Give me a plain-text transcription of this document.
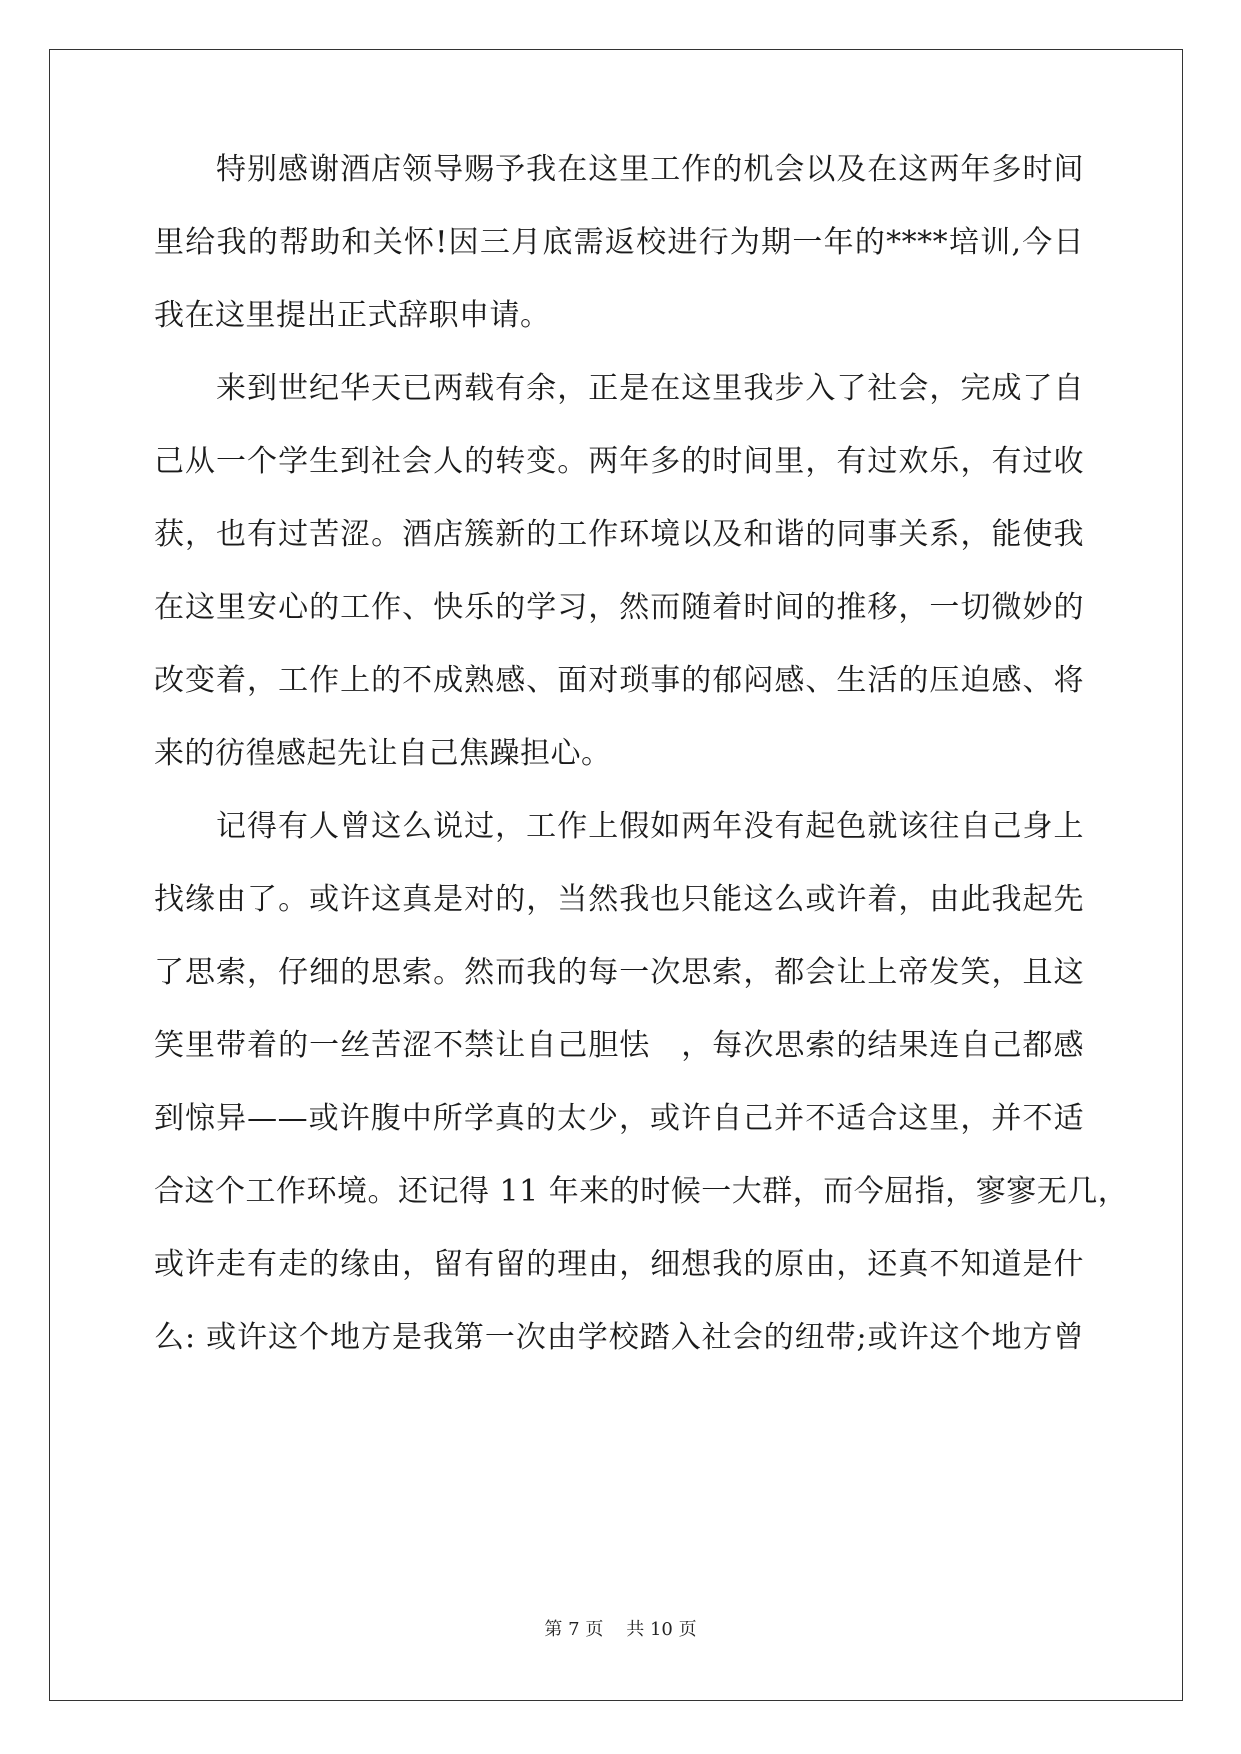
特别感谢酒店领导赐予我在这里工作的机会以及在这两年多时间
里给我的帮助和关怀!因三月底需返校进行为期一年的****培训,今日
我在这里提出正式辞职申请。
来到世纪华天已两载有余，正是在这里我步入了社会，完成了自
己从一个学生到社会人的转变。两年多的时间里，有过欢乐，有过收
获，也有过苦涩。酒店簇新的工作环境以及和谐的同事关系，能使我
在这里安心的工作、快乐的学习，然而随着时间的推移，一切微妙的
改变着，工作上的不成熟感、面对琐事的郁闷感、生活的压迫感、将
来的彷徨感起先让自己焦躁担心。
记得有人曾这么说过，工作上假如两年没有起色就该往自己身上
找缘由了。或许这真是对的，当然我也只能这么或许着，由此我起先
了思索，仔细的思索。然而我的每一次思索，都会让上帝发笑，且这
笑里带着的一丝苦涩不禁让自己胆怯　，每次思索的结果连自己都感
到惊异——或许腹中所学真的太少，或许自己并不适合这里，并不适
合这个工作环境。还记得 11 年来的时候一大群，而今屈指，寥寥无几，
或许走有走的缘由，留有留的理由，细想我的原由，还真不知道是什
么: 或许这个地方是我第一次由学校踏入社会的纽带;或许这个地方曾
第 7 页 共 10 页
